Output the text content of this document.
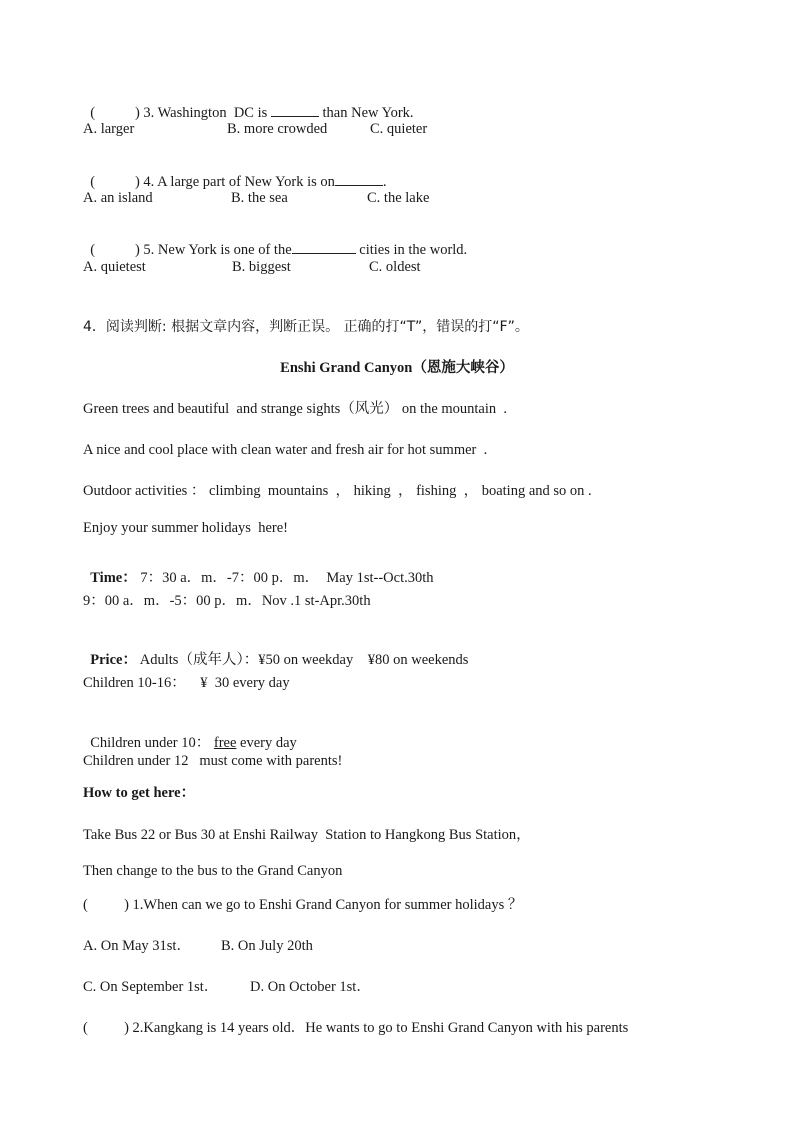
(           ) 3. Washington  DC is	than New York.

A. larger	B. more crowded	C. quieter

(           ) 4. A large part of New York is on	.

A. an island	B. the sea	C. the lake

(           ) 5. New York is one of the	cities in the world.

A. quietest	B. biggest	C. oldest
4．阅读判断: 根据文章内容，判断正误。 正确的打“T”，错误的打“F”。
Enshi Grand Canyon（恩施大峡谷）
Green trees and beautiful  and strange sights（风光） on the mountain  .
A nice and cool place with clean water and fresh air for hot summer  .
Outdoor activities ： climbing  mountains  ， hiking  ， fishing  ， boating and so on .
Enjoy your summer holidays  here!

Time： 7：30 a．m．-7：00 p．m．  May 1st--Oct.30th

9：00 a．m．-5：00 p．m．Nov .1 st-Apr.30th

Price： Adults（成年人）：¥50 on weekday    ¥80 on weekends

Children 10-16：    ¥  30 every day

Children under 10： free every day

Children under 12   must come with parents!
How to get here：
Take Bus 22 or Bus 30 at Enshi Railway  Station to Hangkong Bus Station，
Then change to the bus to the Grand Canyon
(          ) 1.When can we go to Enshi Grand Canyon for summer holidays ？
A. On May 31st． B. On July 20th
C. On September 1st． D. On October 1st．
(          ) 2.Kangkang is 14 years old．He wants to go to Enshi Grand Canyon with his parents
